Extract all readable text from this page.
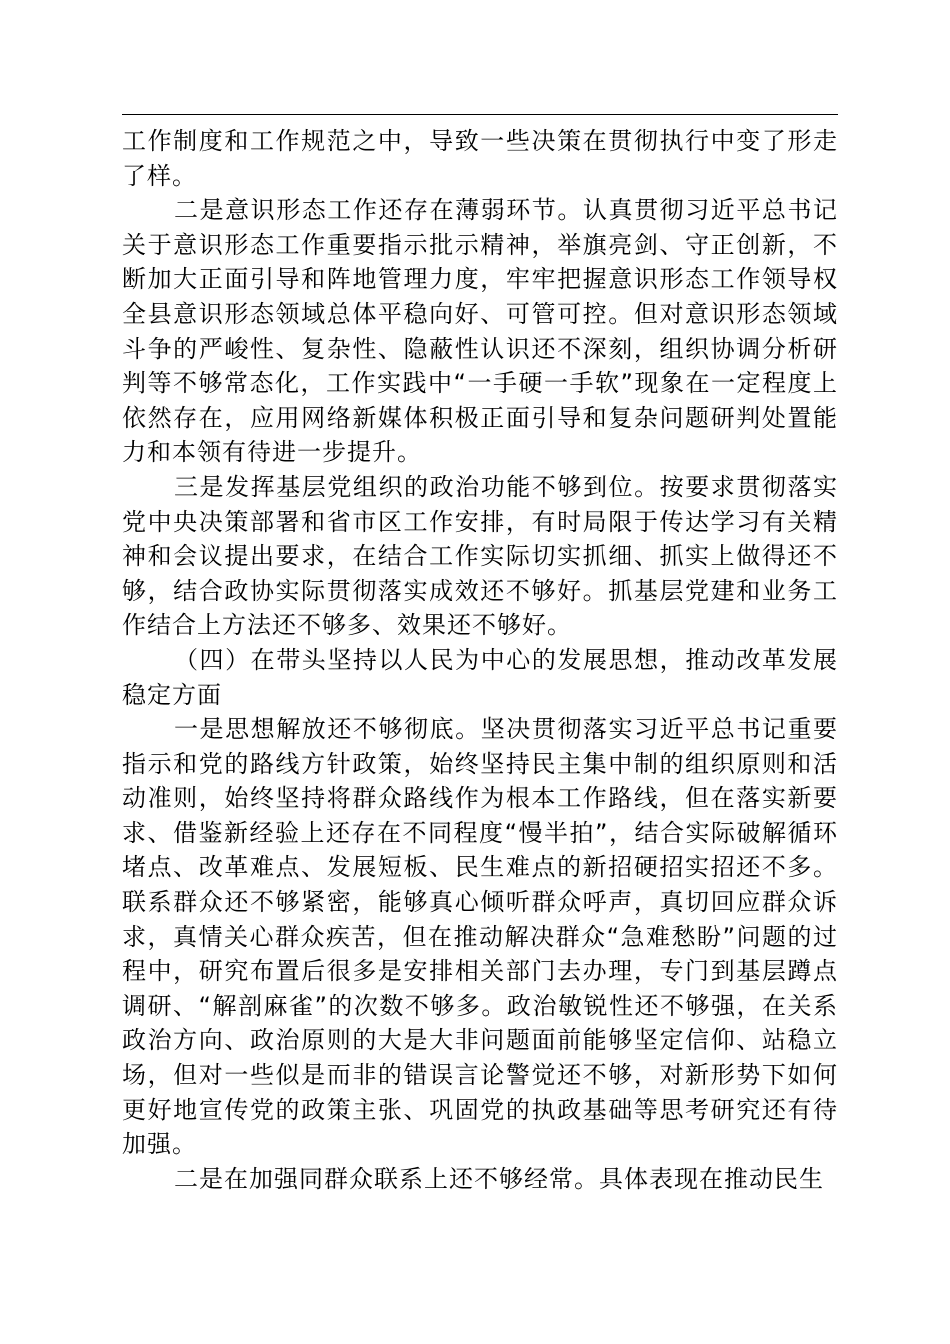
工作制度和工作规范之中，导致一些决策在贯彻执行中变了形走了样。

二是意识形态工作还存在薄弱环节。认真贯彻习近平总书记关于意识形态工作重要指示批示精神，举旗亮剑、守正创新，不断加大正面引导和阵地管理力度，牢牢把握意识形态工作领导权全县意识形态领域总体平稳向好、可管可控。但对意识形态领域斗争的严峻性、复杂性、隐蔽性认识还不深刻，组织协调分析研判等不够常态化，工作实践中“一手硬一手软”现象在一定程度上依然存在，应用网络新媒体积极正面引导和复杂问题研判处置能力和本领有待进一步提升。

三是发挥基层党组织的政治功能不够到位。按要求贯彻落实党中央决策部署和省市区工作安排，有时局限于传达学习有关精神和会议提出要求，在结合工作实际切实抓细、抓实上做得还不够，结合政协实际贯彻落实成效还不够好。抓基层党建和业务工作结合上方法还不够多、效果还不够好。

（四）在带头坚持以人民为中心的发展思想，推动改革发展稳定方面

一是思想解放还不够彻底。坚决贯彻落实习近平总书记重要指示和党的路线方针政策，始终坚持民主集中制的组织原则和活动准则，始终坚持将群众路线作为根本工作路线，但在落实新要求、借鉴新经验上还存在不同程度“慢半拍”，结合实际破解循环堵点、改革难点、发展短板、民生难点的新招硬招实招还不多。联系群众还不够紧密，能够真心倾听群众呼声，真切回应群众诉求，真情关心群众疾苦，但在推动解决群众“急难愁盼”问题的过程中，研究布置后很多是安排相关部门去办理，专门到基层蹲点调研、“解剖麻雀”的次数不够多。政治敏锐性还不够强，在关系政治方向、政治原则的大是大非问题面前能够坚定信仰、站稳立场，但对一些似是而非的错误言论警觉还不够，对新形势下如何更好地宣传党的政策主张、巩固党的执政基础等思考研究还有待加强。

二是在加强同群众联系上还不够经常。具体表现在推动民生
